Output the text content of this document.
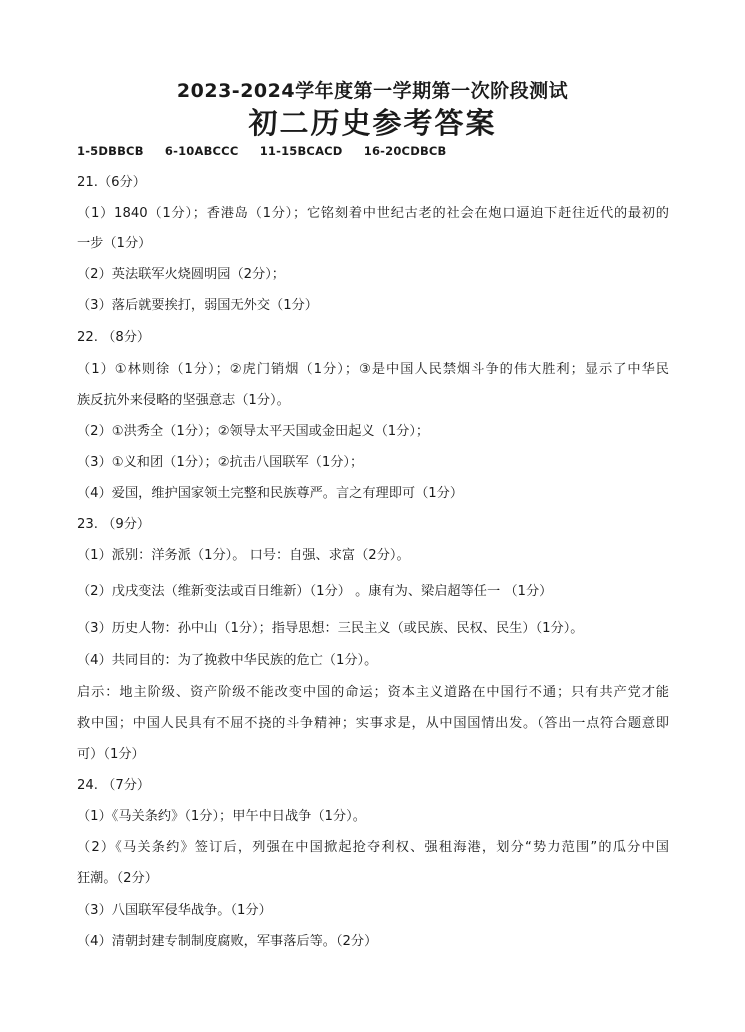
2023-2024学年度第一学期第一次阶段测试
初二历史参考答案
1-5DBBCB 6-10ABCCC 11-15BCACD 16-20CDBCB
21.（6分）
（1）1840（1分）；香港岛（1分）；它铭刻着中世纪古老的社会在炮口逼迫下赶往近代的最初的
一步（1分）
（2）英法联军火烧圆明园（2分）；
（3）落后就要挨打，弱国无外交（1分）
22. （8分）
（1）①林则徐（1分）；②虎门销烟（1分）；③是中国人民禁烟斗争的伟大胜利；显示了中华民
族反抗外来侵略的坚强意志（1分）。
（2）①洪秀全（1分）；②领导太平天国或金田起义（1分）；
（3）①义和团（1分）；②抗击八国联军（1分）；
（4）爱国，维护国家领土完整和民族尊严。言之有理即可（1分）
23. （9分）
（1）派别：洋务派（1分）。 口号：自强、求富（2分）。
（2）戊戌变法（维新变法或百日维新）（1分） 。康有为、梁启超等任一 （1分）
（3）历史人物：孙中山（1分）；指导思想：三民主义（或民族、民权、民生）（1分）。
（4）共同目的：为了挽救中华民族的危亡（1分）。
启示：地主阶级、资产阶级不能改变中国的命运；资本主义道路在中国行不通；只有共产党才能
救中国；中国人民具有不屈不挠的斗争精神；实事求是，从中国国情出发。（答出一点符合题意即
可）（1分）
24. （7分）
（1）《马关条约》（1分）；甲午中日战争（1分）。
（2）《马关条约》签订后，列强在中国掀起抢夺利权、强租海港，划分“势力范围”的瓜分中国
狂潮。（2分）
（3）八国联军侵华战争。（1分）
（4）清朝封建专制制度腐败，军事落后等。（2分）
